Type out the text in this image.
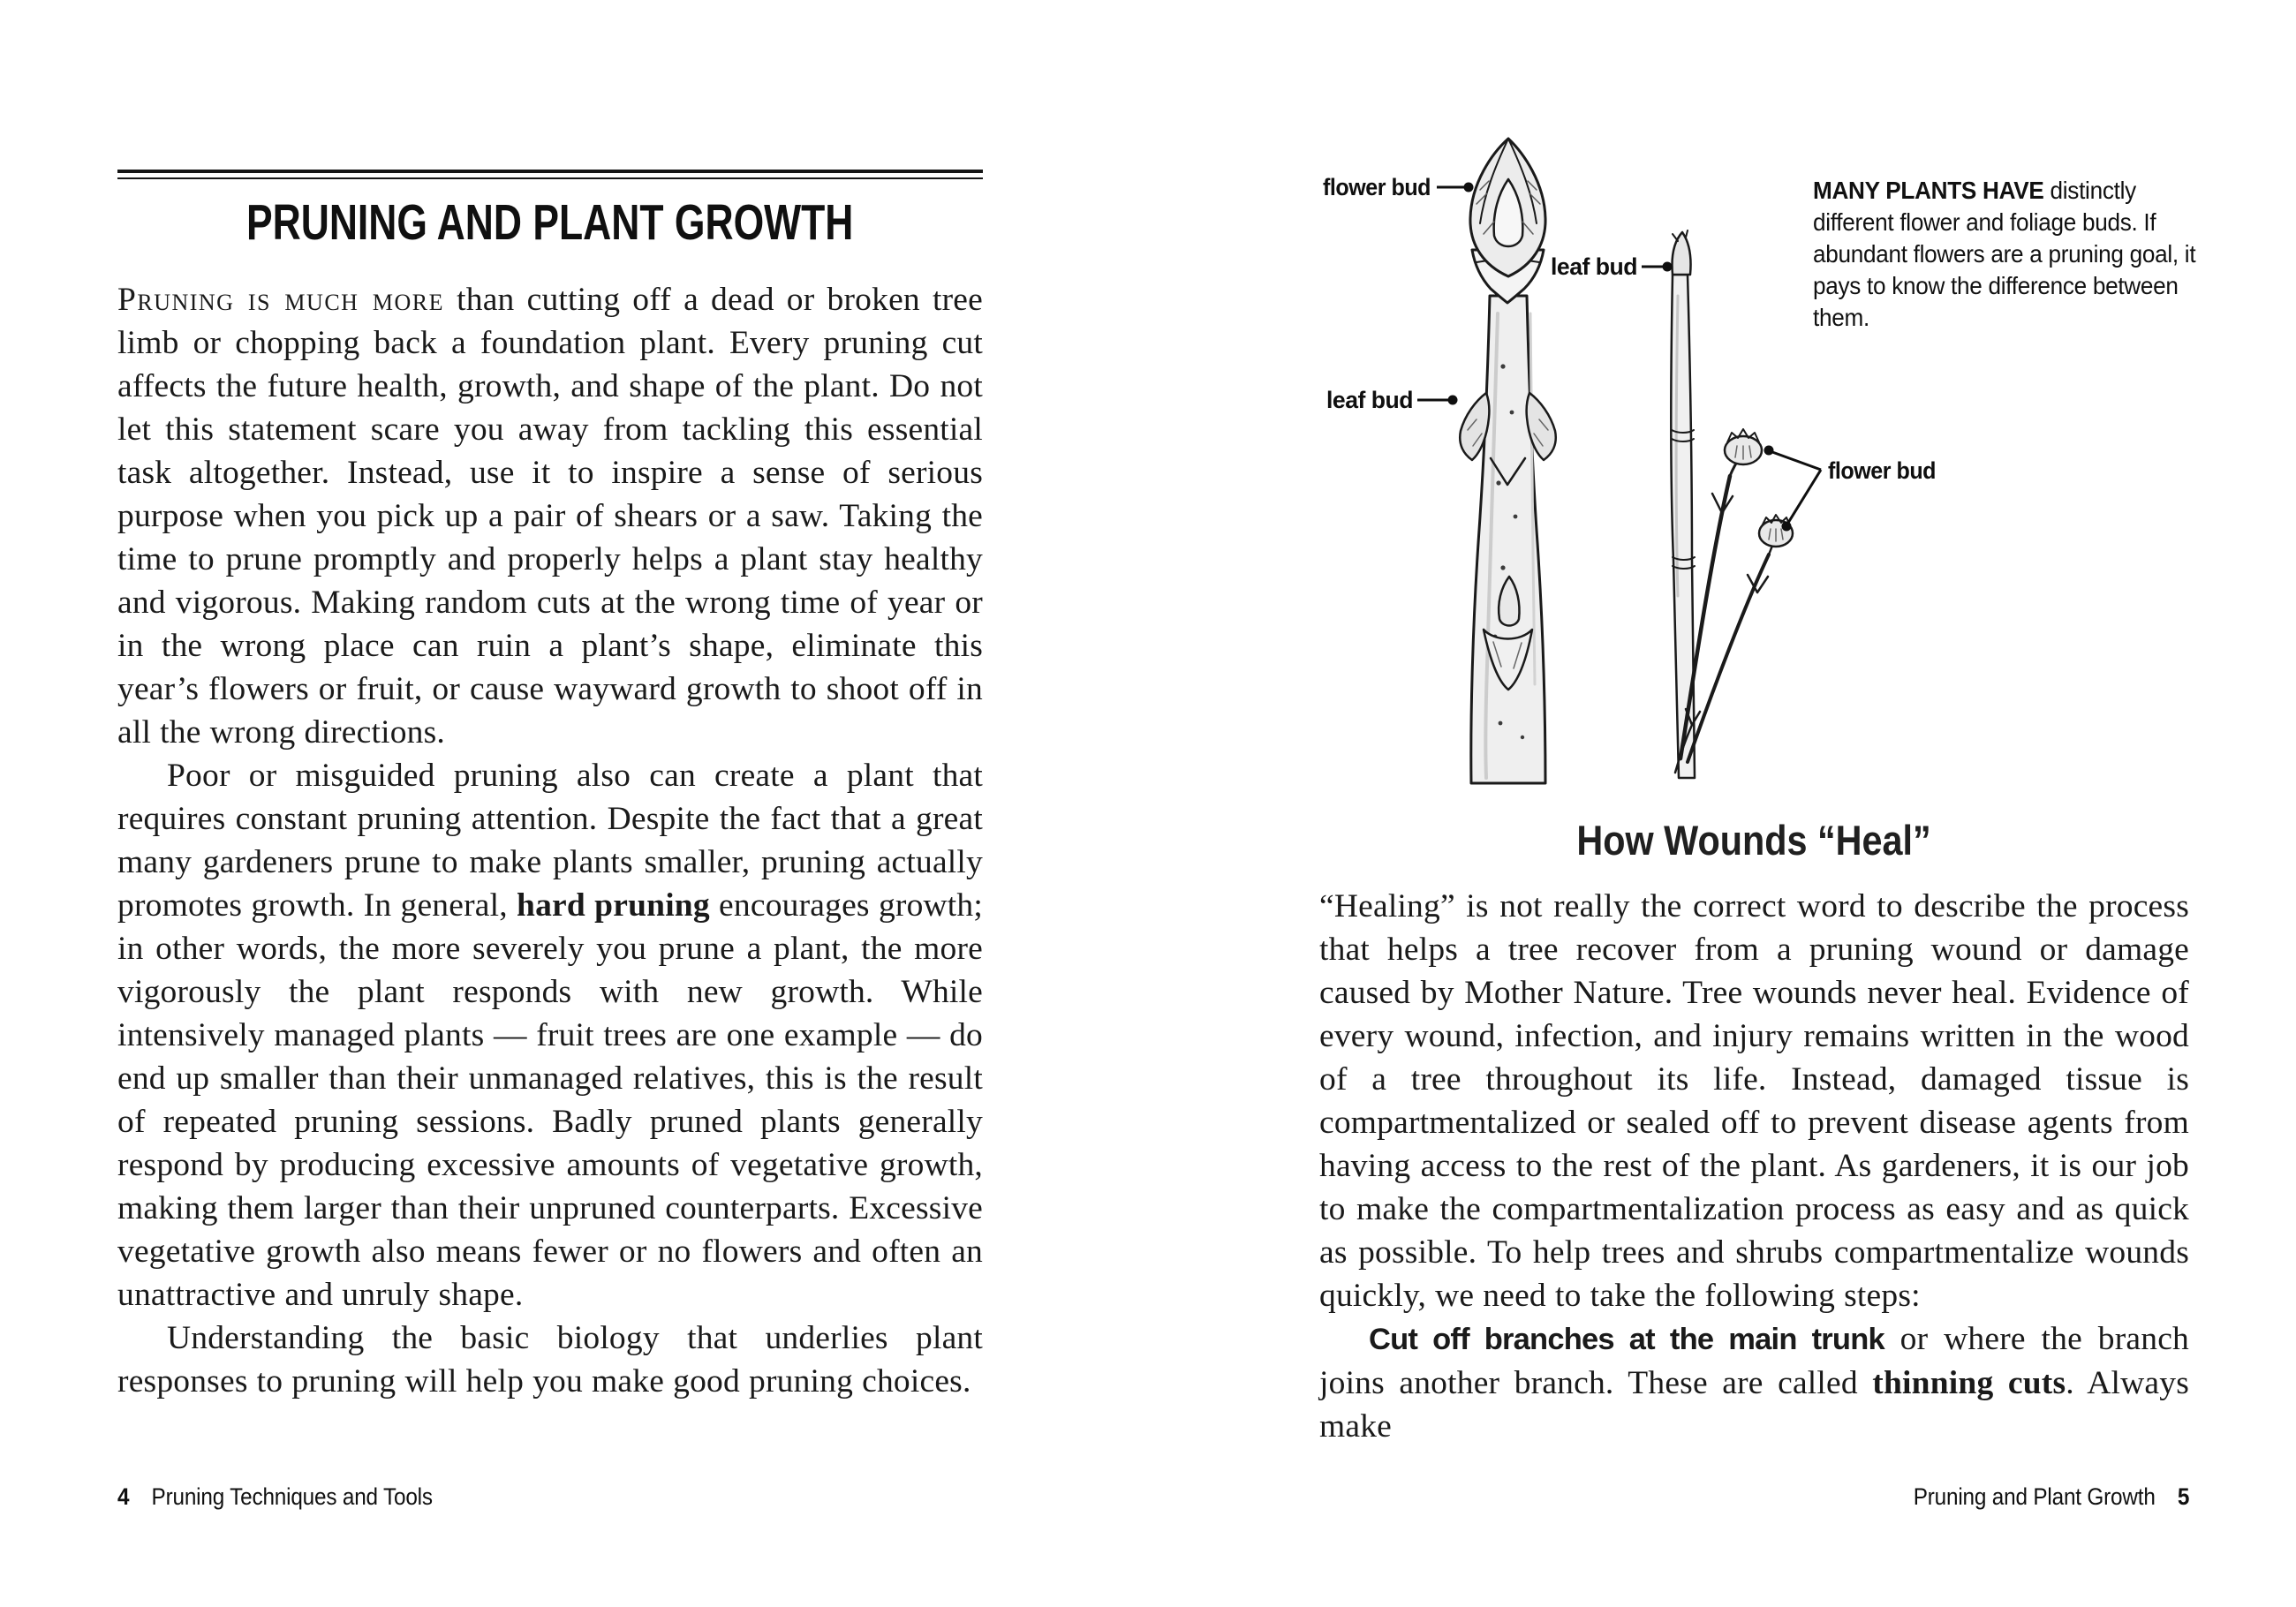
PRUNING AND PLANT GROWTH

Pruning is much more than cutting off a dead or broken tree limb or chopping back a foundation plant. Every pruning cut affects the future health, growth, and shape of the plant. Do not let this statement scare you away from tackling this essential task altogether. Instead, use it to inspire a sense of serious purpose when you pick up a pair of shears or a saw. Taking the time to prune promptly and properly helps a plant stay healthy and vigorous. Making random cuts at the wrong time of year or in the wrong place can ruin a plant’s shape, eliminate this year’s flowers or fruit, or cause wayward growth to shoot off in all the wrong directions.

Poor or misguided pruning also can create a plant that requires constant pruning attention. Despite the fact that a great many gardeners prune to make plants smaller, pruning actually promotes growth. In general, hard pruning encourages growth; in other words, the more severely you prune a plant, the more vigorously the plant responds with new growth. While intensively managed plants — fruit trees are one example — do end up smaller than their unmanaged relatives, this is the result of repeated pruning sessions. Badly pruned plants generally respond by producing excessive amounts of vegetative growth, making them larger than their unpruned counterparts. Excessive vegetative growth also means fewer or no flowers and often an unattractive and unruly shape.

Understanding the basic biology that underlies plant responses to pruning will help you make good pruning choices.

4 Pruning Techniques and Tools
flower bud
leaf bud
leaf bud
flower bud
MANY PLANTS HAVE distinctly different flower and foliage buds. If abundant flowers are a pruning goal, it pays to know the difference between them.
How Wounds “Heal”

“Healing” is not really the correct word to describe the process that helps a tree recover from a pruning wound or damage caused by Mother Nature. Tree wounds never heal. Evidence of every wound, infection, and injury remains written in the wood of a tree throughout its life. Instead, damaged tissue is compartmentalized or sealed off to prevent disease agents from having access to the rest of the plant. As gardeners, it is our job to make the compartmentalization process as easy and as quick as possible. To help trees and shrubs compartmentalize wounds quickly, we need to take the following steps:

Cut off branches at the main trunk or where the branch joins another branch. These are called thinning cuts. Always make

Pruning and Plant Growth 5
